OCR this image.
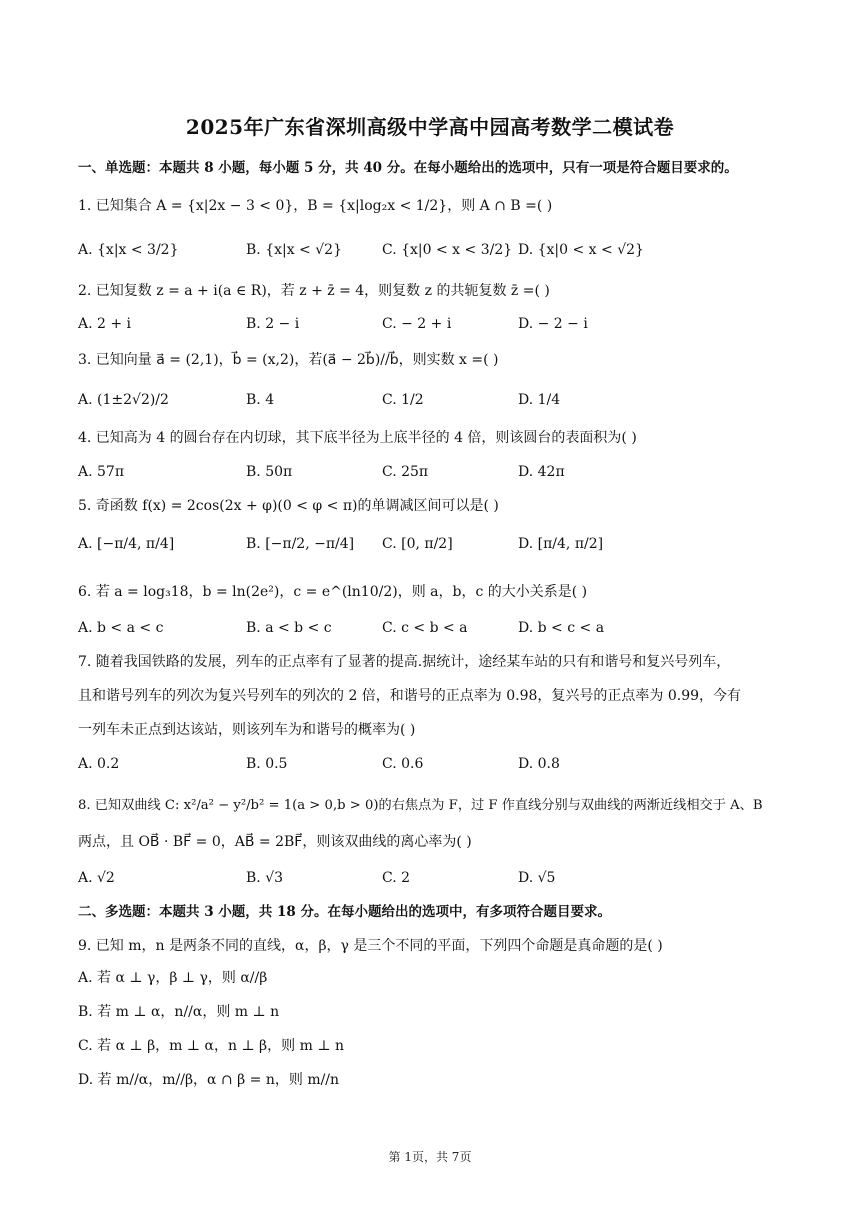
2025年广东省深圳高级中学高中园高考数学二模试卷
一、单选题：本题共 8 小题，每小题 5 分，共 40 分。在每小题给出的选项中，只有一项是符合题目要求的。
1. 已知集合 A = {x|2x − 3 < 0}，B = {x|log₂x < 1/2}，则 A ∩ B =( )
A. {x|x < 3/2}	B. {x|x < √2}	C. {x|0 < x < 3/2} D. {x|0 < x < √2}
2. 已知复数 z = a + i(a ∈ R)，若 z + z̄ = 4，则复数 z 的共轭复数 z̄ =( )
A. 2 + i	B. 2 − i	C. − 2 + i	D. − 2 − i
3. 已知向量 a⃗ = (2,1)，b⃗ = (x,2)，若(a⃗ − 2b⃗)//b⃗，则实数 x =( )
A. (1±2√2)/2	B. 4	C. 1/2	D. 1/4
4. 已知高为 4 的圆台存在内切球，其下底半径为上底半径的 4 倍，则该圆台的表面积为( )
A. 57π	B. 50π	C. 25π	D. 42π
5. 奇函数 f(x) = 2cos(2x + φ)(0 < φ < π)的单调减区间可以是( )
A. [−π/4, π/4]	B. [−π/2, −π/4] C. [0, π/2]	D. [π/4, π/2]
6. 若 a = log₃18，b = ln(2e²)，c = e^(ln10/2)，则 a，b，c 的大小关系是( )
A. b < a < c	B. a < b < c	C. c < b < a	D. b < c < a
7. 随着我国铁路的发展，列车的正点率有了显著的提高.据统计，途经某车站的只有和谐号和复兴号列车，
且和谐号列车的列次为复兴号列车的列次的 2 倍，和谐号的正点率为 0.98，复兴号的正点率为 0.99，今有
一列车未正点到达该站，则该列车为和谐号的概率为( )
A. 0.2	B. 0.5	C. 0.6	D. 0.8
8. 已知双曲线 C: x²/a² − y²/b² = 1(a > 0,b > 0)的右焦点为 F，过 F 作直线分别与双曲线的两渐近线相交于 A、B
两点，且 OB⃗ · BF⃗ = 0，AB⃗ = 2BF⃗，则该双曲线的离心率为( )
A. √2	B. √3	C. 2	D. √5
二、多选题：本题共 3 小题，共 18 分。在每小题给出的选项中，有多项符合题目要求。
9. 已知 m，n 是两条不同的直线，α，β，γ 是三个不同的平面，下列四个命题是真命题的是( )
A. 若 α ⊥ γ，β ⊥ γ，则 α//β
B. 若 m ⊥ α，n//α，则 m ⊥ n
C. 若 α ⊥ β，m ⊥ α，n ⊥ β，则 m ⊥ n
D. 若 m//α，m//β，α ∩ β = n，则 m//n
第 1页，共 7页
